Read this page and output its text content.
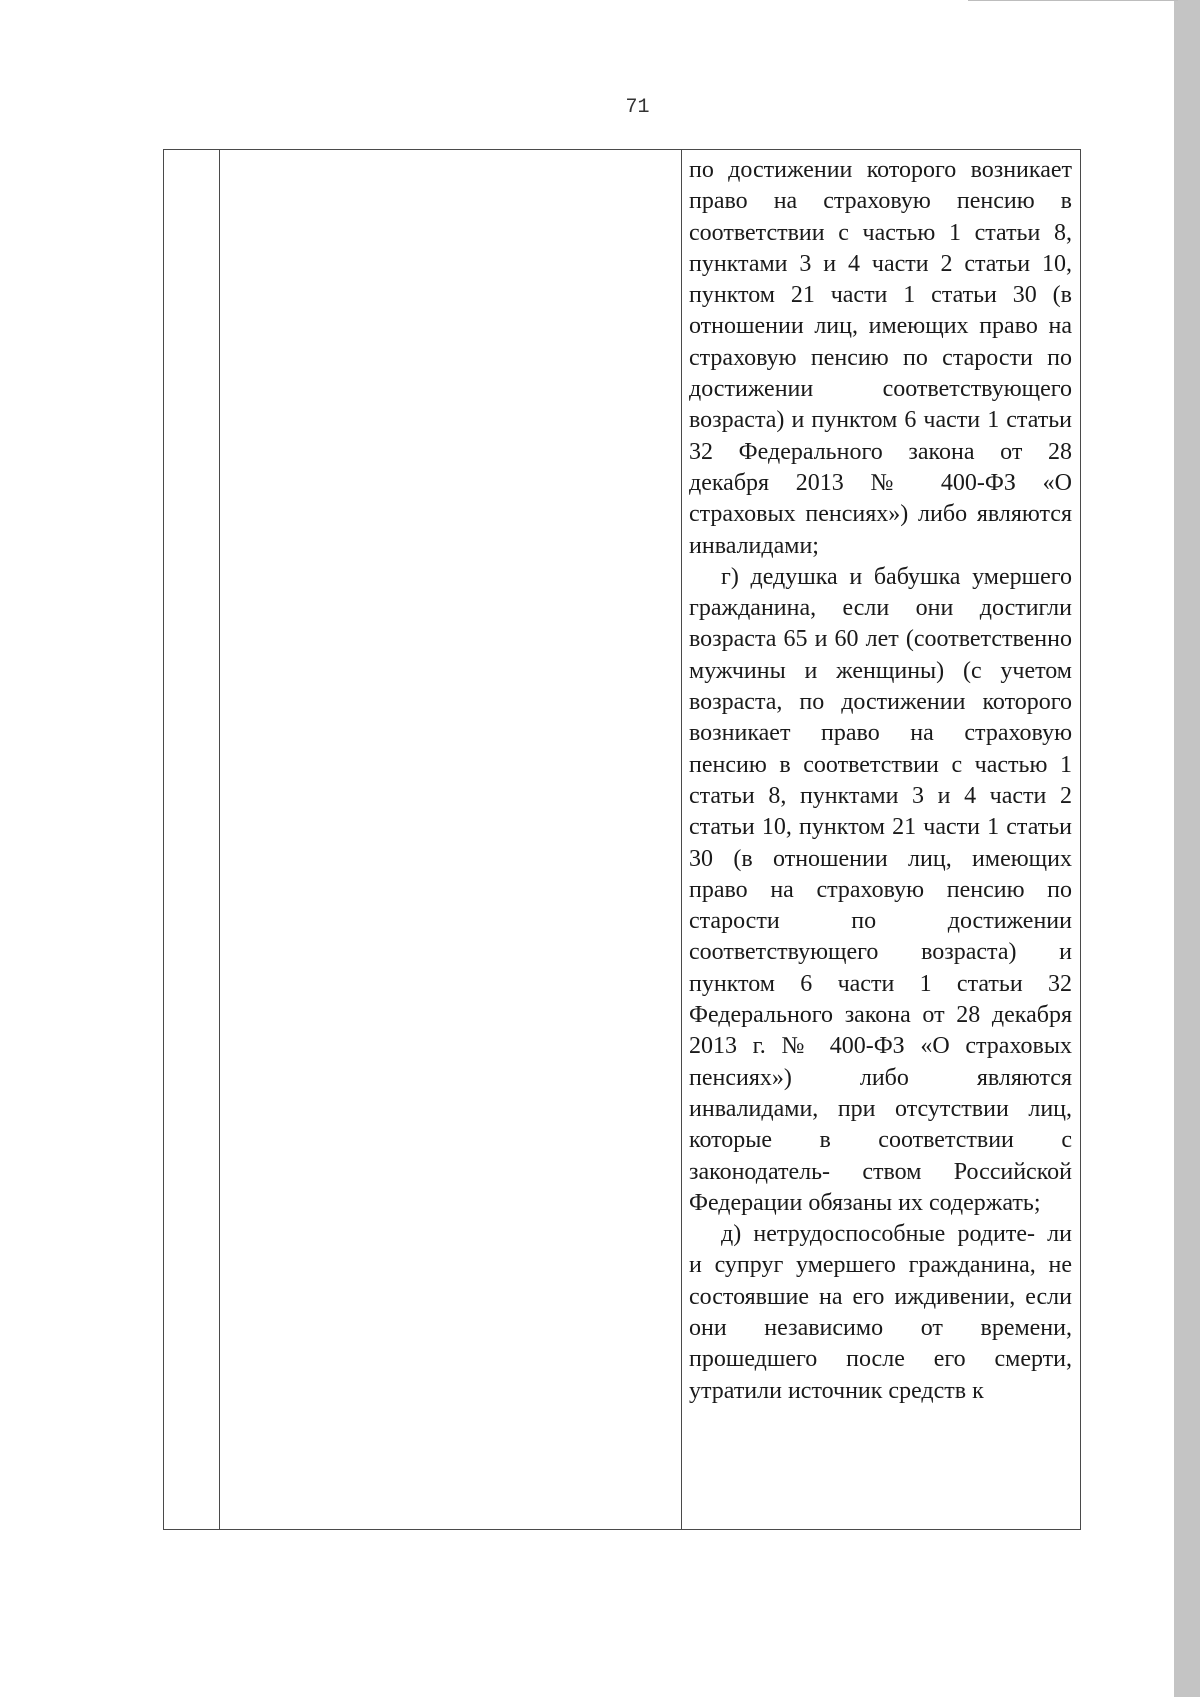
71

по достижении которого возникает право на страховую пенсию в соответствии с частью 1 статьи 8, пунктами 3 и 4 части 2 статьи 10, пунктом 21 части 1 статьи 30 (в отношении лиц, имеющих право на страховую пенсию по старости по достижении соответствующего возраста) и пунктом 6 части 1 статьи 32 Федерального закона от 28 декабря 2013 № 400-ФЗ «О страховых пенсиях») либо являются инвалидами;

г) дедушка и бабушка умершего гражданина, если они достигли возраста 65 и 60 лет (соответственно мужчины и женщины) (с учетом возраста, по достижении которого возникает право на страховую пенсию в соответствии с частью 1 статьи 8, пунктами 3 и 4 части 2 статьи 10, пунктом 21 части 1 статьи 30 (в отношении лиц, имеющих право на страховую пенсию по старости по достижении соответствующего возраста) и пунктом 6 части 1 статьи 32 Федерального закона от 28 декабря 2013 г. № 400-ФЗ «О страховых пенсиях») либо являются инвалидами, при отсутствии лиц, которые в соответствии с законодатель- ством Российской Федерации обязаны их содержать;

д) нетрудоспособные родите- ли и супруг умершего гражданина, не состоявшие на его иждивении, если они независимо от времени, прошедшего после его смерти, утратили источник средств к
